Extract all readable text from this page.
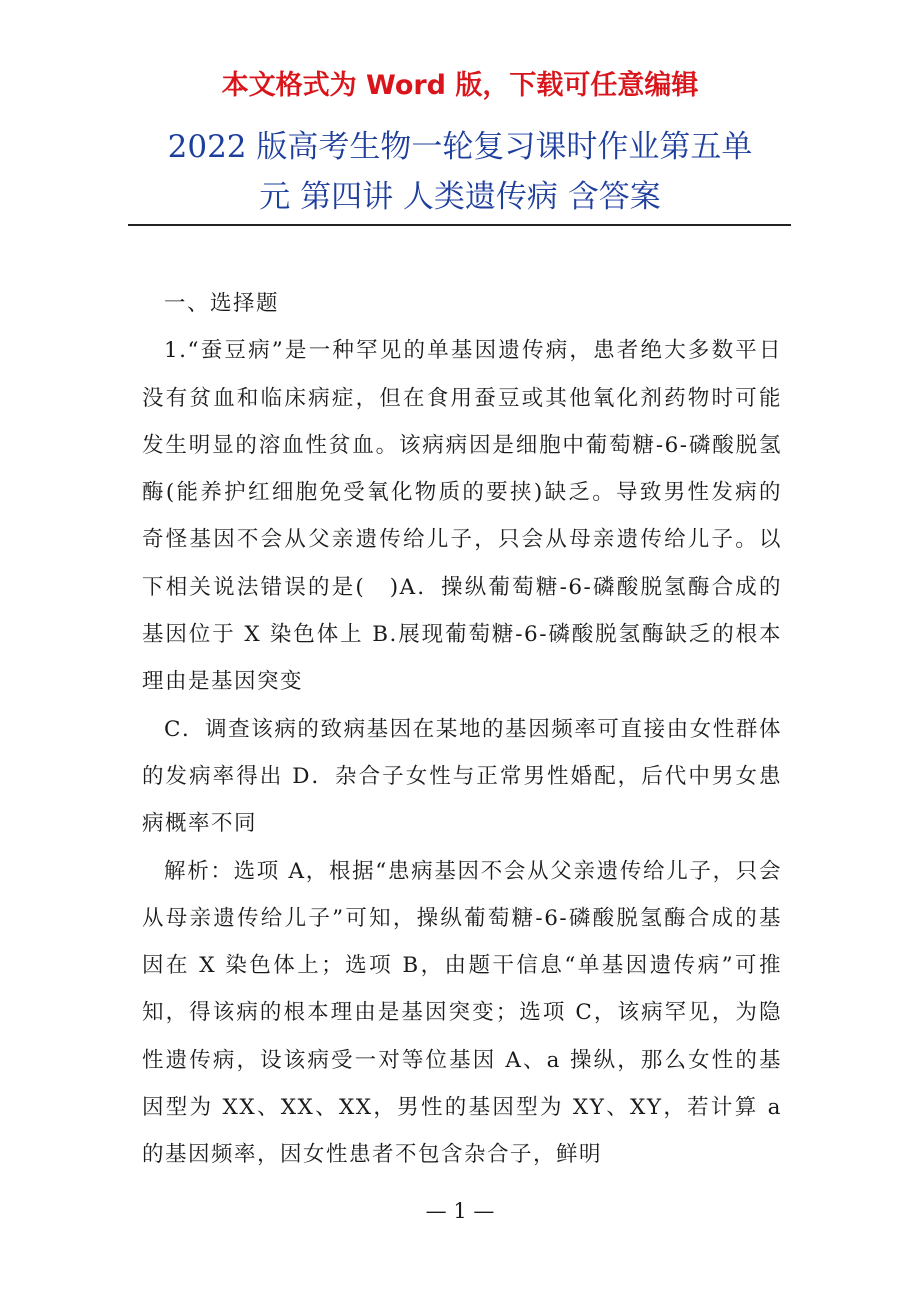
本文格式为 Word 版，下载可任意编辑

2022 版高考生物一轮复习课时作业第五单
元 第四讲 人类遗传病 含答案

一、选择题

1.“蚕豆病”是一种罕见的单基因遗传病，患者绝大多数平日没有贫血和临床病症，但在食用蚕豆或其他氧化剂药物时可能发生明显的溶血性贫血。该病病因是细胞中葡萄糖-6-磷酸脱氢酶(能养护红细胞免受氧化物质的要挟)缺乏。导致男性发病的奇怪基因不会从父亲遗传给儿子，只会从母亲遗传给儿子。以下相关说法错误的是(　)A．操纵葡萄糖-6-磷酸脱氢酶合成的基因位于 X 染色体上 B.展现葡萄糖-6-磷酸脱氢酶缺乏的根本理由是基因突变

C．调查该病的致病基因在某地的基因频率可直接由女性群体的发病率得出 D．杂合子女性与正常男性婚配，后代中男女患病概率不同

解析：选项 A，根据“患病基因不会从父亲遗传给儿子，只会从母亲遗传给儿子”可知，操纵葡萄糖-6-磷酸脱氢酶合成的基因在 X 染色体上；选项 B，由题干信息“单基因遗传病”可推知，得该病的根本理由是基因突变；选项 C，该病罕见，为隐性遗传病，设该病受一对等位基因 A、a 操纵，那么女性的基因型为 XX、XX、XX，男性的基因型为 XY、XY，若计算 a 的基因频率，因女性患者不包含杂合子，鲜明

— 1 —
